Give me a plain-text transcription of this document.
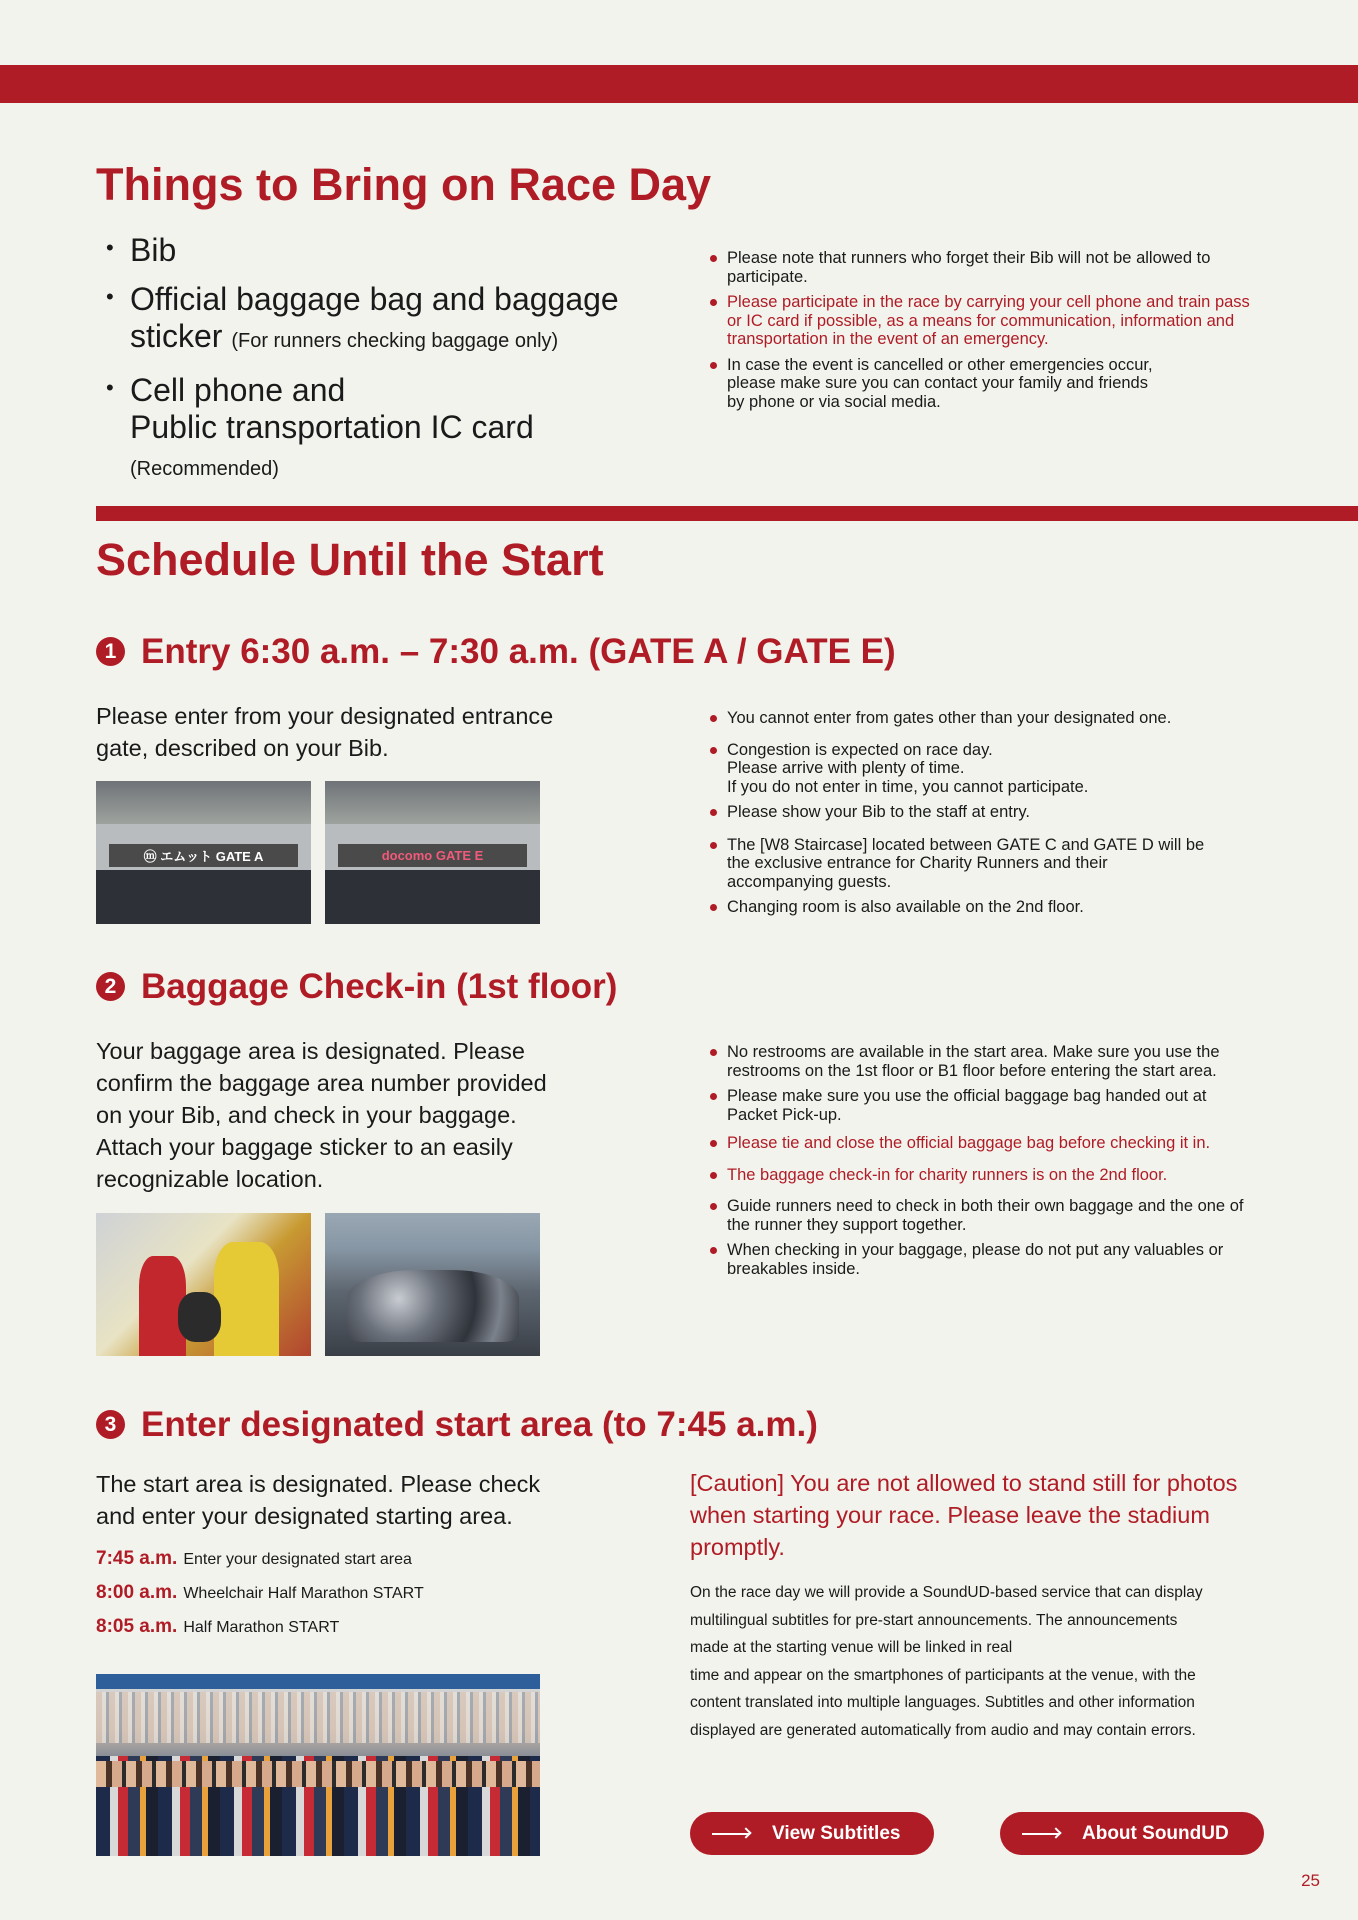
Things to Bring on Race Day
• Bib
• Official baggage bag and baggage sticker (For runners checking baggage only)
• Cell phone and
Public transportation IC card
(Recommended)
Please note that runners who forget their Bib will not be allowed to participate.
Please participate in the race by carrying your cell phone and train pass or IC card if possible, as a means for communication, information and transportation in the event of an emergency.
In case the event is cancelled or other emergencies occur, please make sure you can contact your family and friends by phone or via social media.
Schedule Until the Start
1 Entry 6:30 a.m. – 7:30 a.m. (GATE A / GATE E)
Please enter from your designated entrance gate, described on your Bib.
ⓜ エムット GATE A	docomo GATE E
You cannot enter from gates other than your designated one.
Congestion is expected on race day.
Please arrive with plenty of time.
If you do not enter in time, you cannot participate.
Please show your Bib to the staff at entry.
The [W8 Staircase] located between GATE C and GATE D will be the exclusive entrance for Charity Runners and their accompanying guests.
Changing room is also available on the 2nd floor.
2 Baggage Check-in (1st floor)
Your baggage area is designated. Please confirm the baggage area number provided on your Bib, and check in your baggage. Attach your baggage sticker to an easily recognizable location.
No restrooms are available in the start area. Make sure you use the restrooms on the 1st floor or B1 floor before entering the start area.
Please make sure you use the official baggage bag handed out at Packet Pick-up.
Please tie and close the official baggage bag before checking it in.
The baggage check-in for charity runners is on the 2nd floor.
Guide runners need to check in both their own baggage and the one of the runner they support together.
When checking in your baggage, please do not put any valuables or breakables inside.
3 Enter designated start area (to 7:45 a.m.)
The start area is designated. Please check and enter your designated starting area.
7:45 a.m. Enter your designated start area
8:00 a.m. Wheelchair Half Marathon START
8:05 a.m. Half Marathon START
[Caution] You are not allowed to stand still for photos when starting your race. Please leave the stadium promptly.
On the race day we will provide a SoundUD-based service that can display
multilingual subtitles for pre-start announcements. The announcements
made at the starting venue will be linked in real
time and appear on the smartphones of participants at the venue, with the
content translated into multiple languages. Subtitles and other information
displayed are generated automatically from audio and may contain errors.
View Subtitles	About SoundUD
25
